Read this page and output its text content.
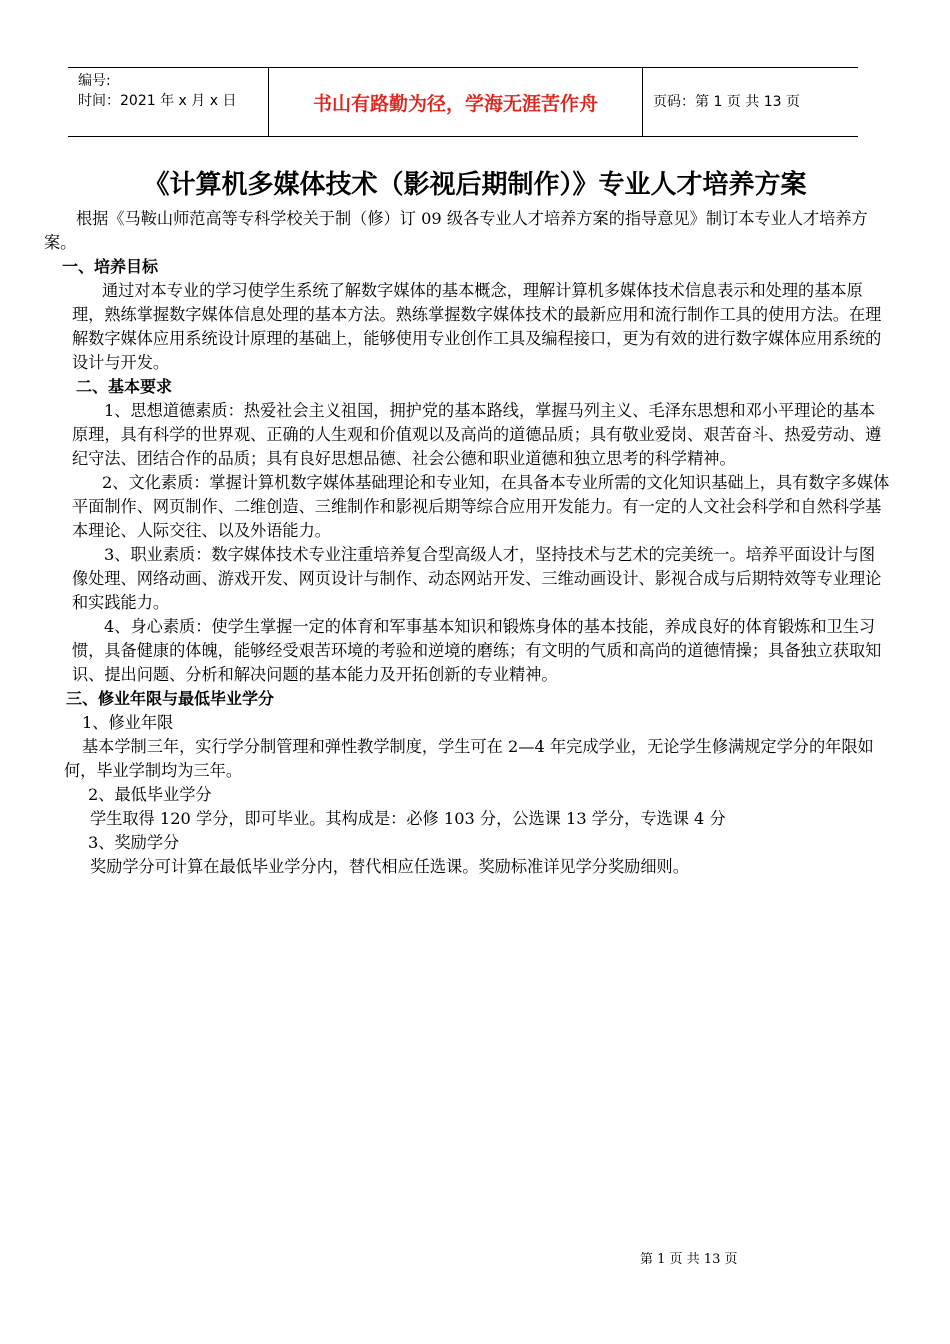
编号:
时间：2021 年 x 月 x 日	书山有路勤为径，学海无涯苦作舟	页码：第 1 页 共 13 页
《计算机多媒体技术（影视后期制作）》专业人才培养方案

根据《马鞍山师范高等专科学校关于制（修）订 09 级各专业人才培养方案的指导意见》制订本专业人才培养方案。

一、培养目标

通过对本专业的学习使学生系统了解数字媒体的基本概念，理解计算机多媒体技术信息表示和处理的基本原理，熟练掌握数字媒体信息处理的基本方法。熟练掌握数字媒体技术的最新应用和流行制作工具的使用方法。在理解数字媒体应用系统设计原理的基础上，能够使用专业创作工具及编程接口，更为有效的进行数字媒体应用系统的设计与开发。

二、基本要求

1、思想道德素质：热爱社会主义祖国，拥护党的基本路线，掌握马列主义、毛泽东思想和邓小平理论的基本原理，具有科学的世界观、正确的人生观和价值观以及高尚的道德品质；具有敬业爱岗、艰苦奋斗、热爱劳动、遵纪守法、团结合作的品质；具有良好思想品德、社会公德和职业道德和独立思考的科学精神。

2、文化素质：掌握计算机数字媒体基础理论和专业知，在具备本专业所需的文化知识基础上，具有数字多媒体平面制作、网页制作、二维创造、三维制作和影视后期等综合应用开发能力。有一定的人文社会科学和自然科学基本理论、人际交往、以及外语能力。

3、职业素质：数字媒体技术专业注重培养复合型高级人才，坚持技术与艺术的完美统一。培养平面设计与图像处理、网络动画、游戏开发、网页设计与制作、动态网站开发、三维动画设计、影视合成与后期特效等专业理论和实践能力。

4、身心素质：使学生掌握一定的体育和军事基本知识和锻炼身体的基本技能，养成良好的体育锻炼和卫生习惯，具备健康的体魄，能够经受艰苦环境的考验和逆境的磨练；有文明的气质和高尚的道德情操；具备独立获取知识、提出问题、分析和解决问题的基本能力及开拓创新的专业精神。

三、修业年限与最低毕业学分

1、修业年限

基本学制三年，实行学分制管理和弹性教学制度，学生可在 2—4 年完成学业，无论学生修满规定学分的年限如何，毕业学制均为三年。

2、最低毕业学分

学生取得 120 学分，即可毕业。其构成是：必修 103 分，公选课 13 学分，专选课 4 分

3、奖励学分

奖励学分可计算在最低毕业学分内，替代相应任选课。奖励标准详见学分奖励细则。

第 1 页 共 13 页
